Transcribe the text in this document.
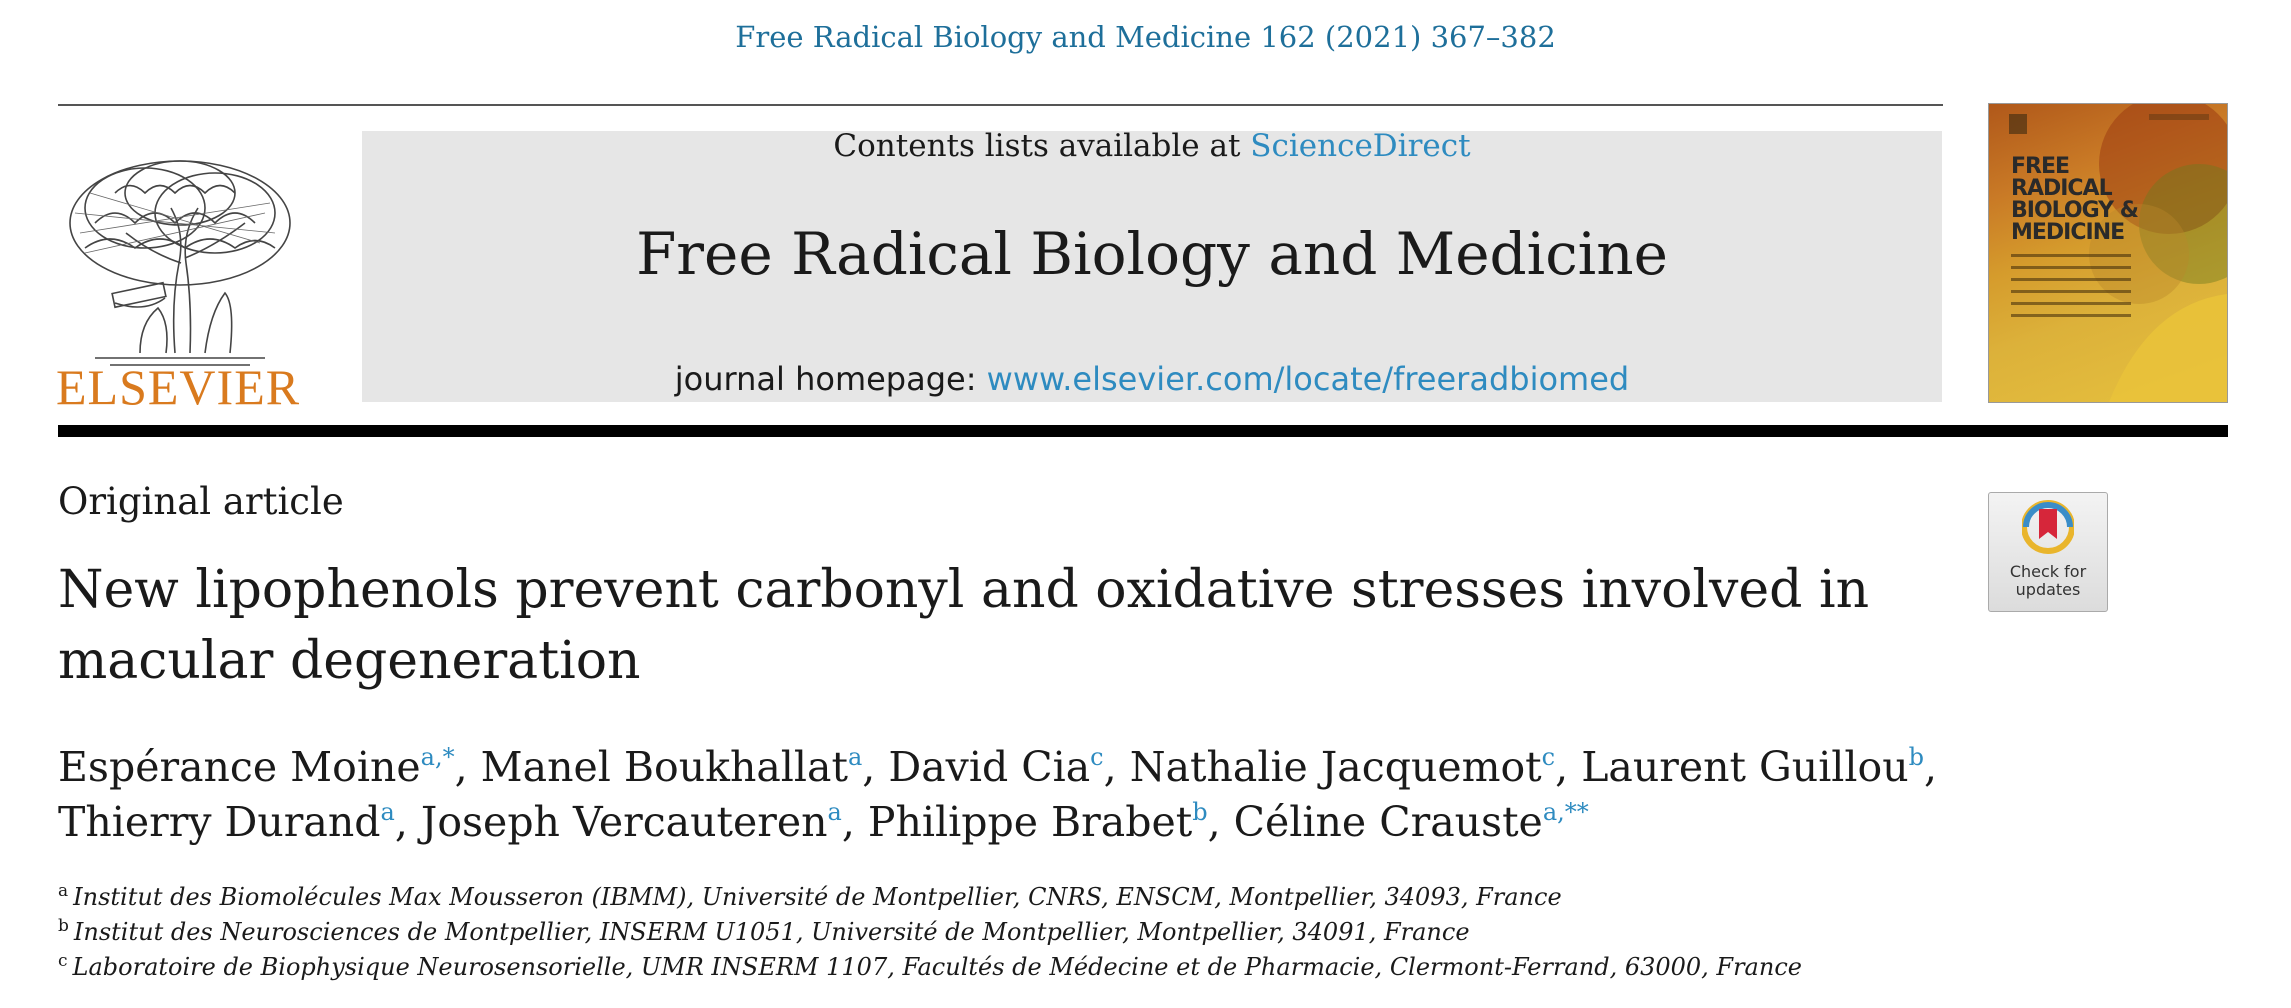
Free Radical Biology and Medicine 162 (2021) 367–382
ELSEVIER
Contents lists available at ScienceDirect
Free Radical Biology and Medicine
journal homepage: www.elsevier.com/locate/freeradbiomed
FREE
RADICAL
BIOLOGY &
MEDICINE
Check for
updates
Original article
New lipophenols prevent carbonyl and oxidative stresses involved in
macular degeneration
Espérance Moine$^{a,*}$, Manel Boukhallat$^a$, David Cia$^c$, Nathalie Jacquemot$^c$, Laurent Guillou$^b$,
Thierry Durand$^a$, Joseph Vercauteren$^a$, Philippe Brabet$^b$, Céline Crauste$^{a,**}$
$^a$ Institut des Biomolécules Max Mousseron (IBMM), Université de Montpellier, CNRS, ENSCM, Montpellier, 34093, France
$^b$ Institut des Neurosciences de Montpellier, INSERM U1051, Université de Montpellier, Montpellier, 34091, France
$^c$ Laboratoire de Biophysique Neurosensorielle, UMR INSERM 1107, Facultés de Médecine et de Pharmacie, Clermont-Ferrand, 63000, France
